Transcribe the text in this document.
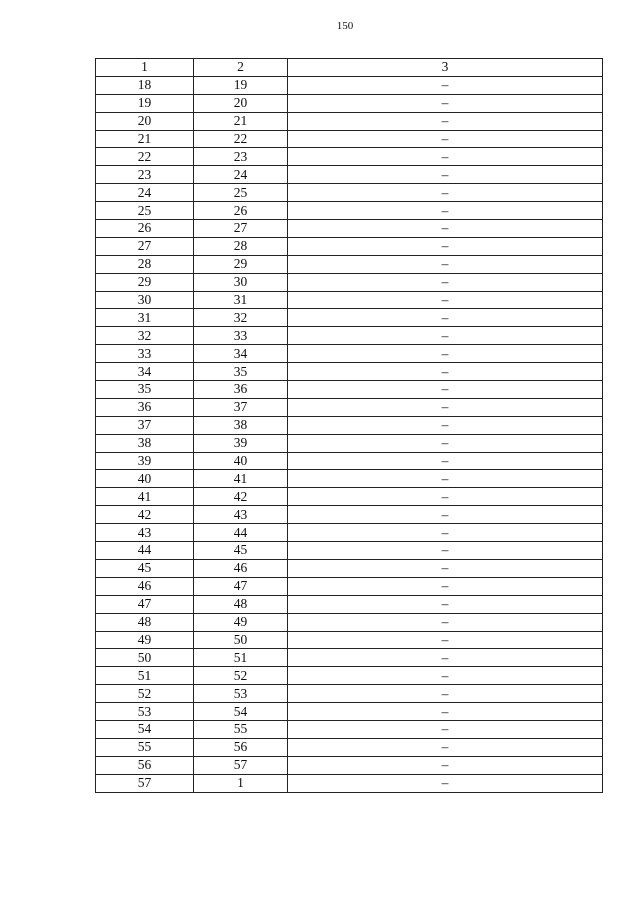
150
1	2	3
18	19	–
19	20	–
20	21	–
21	22	–
22	23	–
23	24	–
24	25	–
25	26	–
26	27	–
27	28	–
28	29	–
29	30	–
30	31	–
31	32	–
32	33	–
33	34	–
34	35	–
35	36	–
36	37	–
37	38	–
38	39	–
39	40	–
40	41	–
41	42	–
42	43	–
43	44	–
44	45	–
45	46	–
46	47	–
47	48	–
48	49	–
49	50	–
50	51	–
51	52	–
52	53	–
53	54	–
54	55	–
55	56	–
56	57	–
57	1	–
